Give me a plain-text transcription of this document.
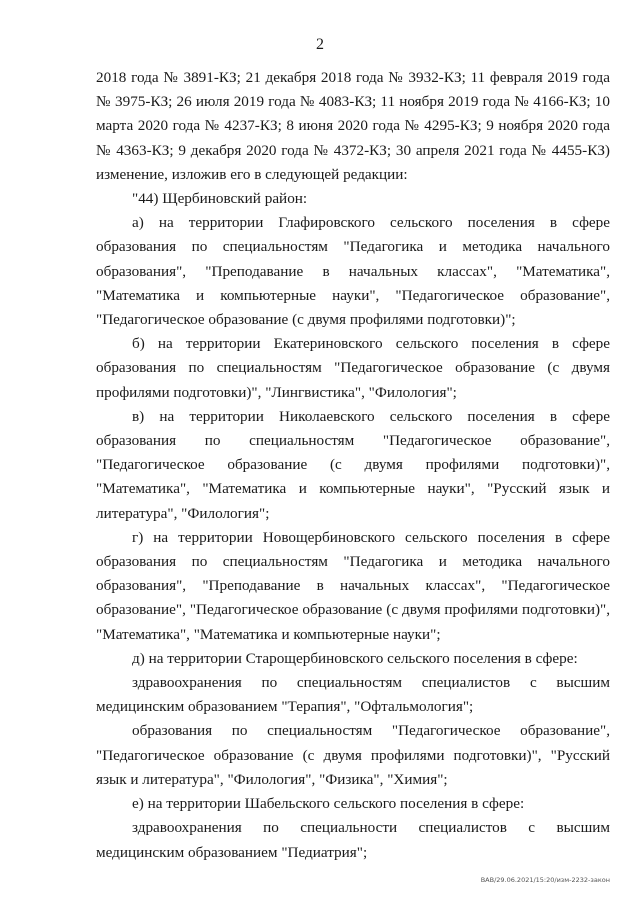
2

2018 года № 3891-КЗ; 21 декабря 2018 года № 3932-КЗ; 11 февраля 2019 года № 3975-КЗ; 26 июля 2019 года № 4083-КЗ; 11 ноября 2019 года № 4166-КЗ; 10 марта 2020 года № 4237-КЗ; 8 июня 2020 года № 4295-КЗ; 9 ноября 2020 года № 4363-КЗ; 9 декабря 2020 года № 4372-КЗ; 30 апреля 2021 года № 4455-КЗ) изменение, изложив его в следующей редакции:

"44) Щербиновский район:

а) на территории Глафировского сельского поселения в сфере образования по специальностям "Педагогика и методика начального образования", "Преподавание в начальных классах", "Математика", "Математика и компьютерные науки", "Педагогическое образование", "Педагогическое образование (с двумя профилями подготовки)";

б) на территории Екатериновского сельского поселения в сфере образования по специальностям "Педагогическое образование (с двумя профилями подготовки)", "Лингвистика", "Филология";

в) на территории Николаевского сельского поселения в сфере образования по специальностям "Педагогическое образование", "Педагогическое образование (с двумя профилями подготовки)", "Математика", "Математика и компьютерные науки", "Русский язык и литература", "Филология";

г) на территории Новощербиновского сельского поселения в сфере образования по специальностям "Педагогика и методика начального образования", "Преподавание в начальных классах", "Педагогическое образование", "Педагогическое образование (с двумя профилями подготовки)", "Математика", "Математика и компьютерные науки";

д) на территории Старощербиновского сельского поселения в сфере:

здравоохранения по специальностям специалистов с высшим медицинским образованием "Терапия", "Офтальмология";

образования по специальностям "Педагогическое образование", "Педагогическое образование (с двумя профилями подготовки)", "Русский язык и литература", "Филология", "Физика", "Химия";

е) на территории Шабельского сельского поселения в сфере:

здравоохранения по специальности специалистов с высшим медицинским образованием "Педиатрия";

ВАВ/29.06.2021/15:20/изм-2232-закон
